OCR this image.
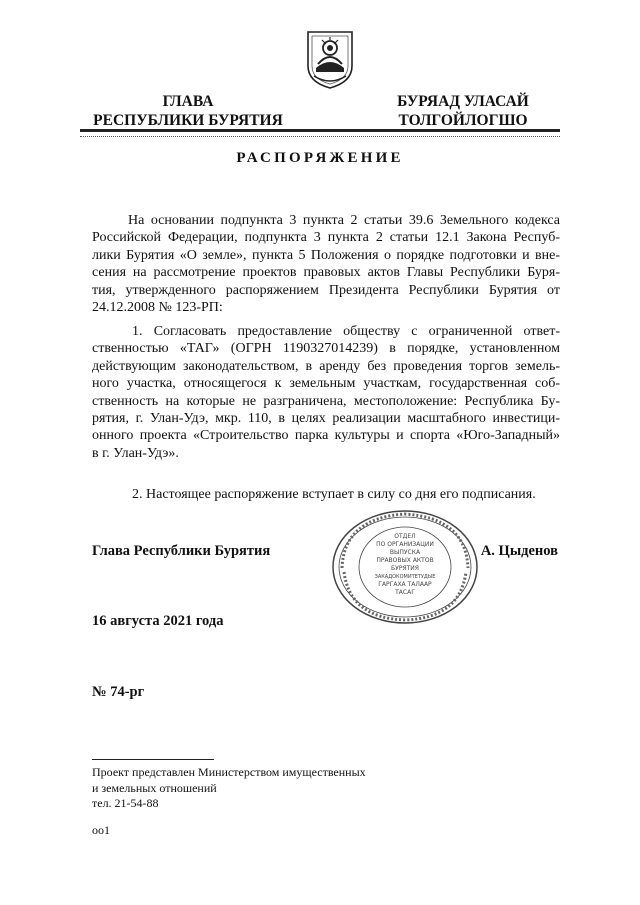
ГЛАВА
РЕСПУБЛИКИ БУРЯТИЯ
БУРЯАД УЛАСАЙ
ТОЛГОЙЛОГШО
РАСПОРЯЖЕНИЕ
На основании подпункта 3 пункта 2 статьи 39.6 Земельного кодекса
Российской Федерации, подпункта 3 пункта 2 статьи 12.1 Закона Респуб-
лики Бурятия «О земле», пункта 5 Положения о порядке подготовки и вне-
сения на рассмотрение проектов правовых актов Главы Республики Буря-
тия, утвержденного распоряжением Президента Республики Бурятия от
24.12.2008 № 123-РП:
1. Согласовать предоставление обществу с ограниченной ответ-
ственностью «ТАГ» (ОГРН 1190327014239) в порядке, установленном
действующим законодательством, в аренду без проведения торгов земель-
ного участка, относящегося к земельным участкам, государственная соб-
ственность на которые не разграничена, местоположение: Республика Бу-
рятия, г. Улан-Удэ, мкр. 110, в целях реализации масштабного инвестици-
онного проекта «Строительство парка культуры и спорта «Юго-Западный»
в г. Улан-Удэ».
2. Настоящее распоряжение вступает в силу со дня его подписания.
Глава Республики Бурятия	А. Цыденов
ОТДЕЛ
ПО ОРГАНИЗАЦИИ
ВЫПУСКА
ПРАВОВЫХ АКТОВ
БУРЯТИЯ
ЗАКАДОКОМИТЕТУДЫЕ
ГАРГАХА ТАЛААР
ТАСАГ
16 августа 2021 года
№ 74-рг
Проект представлен Министерством имущественных
и земельных отношений
тел. 21-54-88
оо1
